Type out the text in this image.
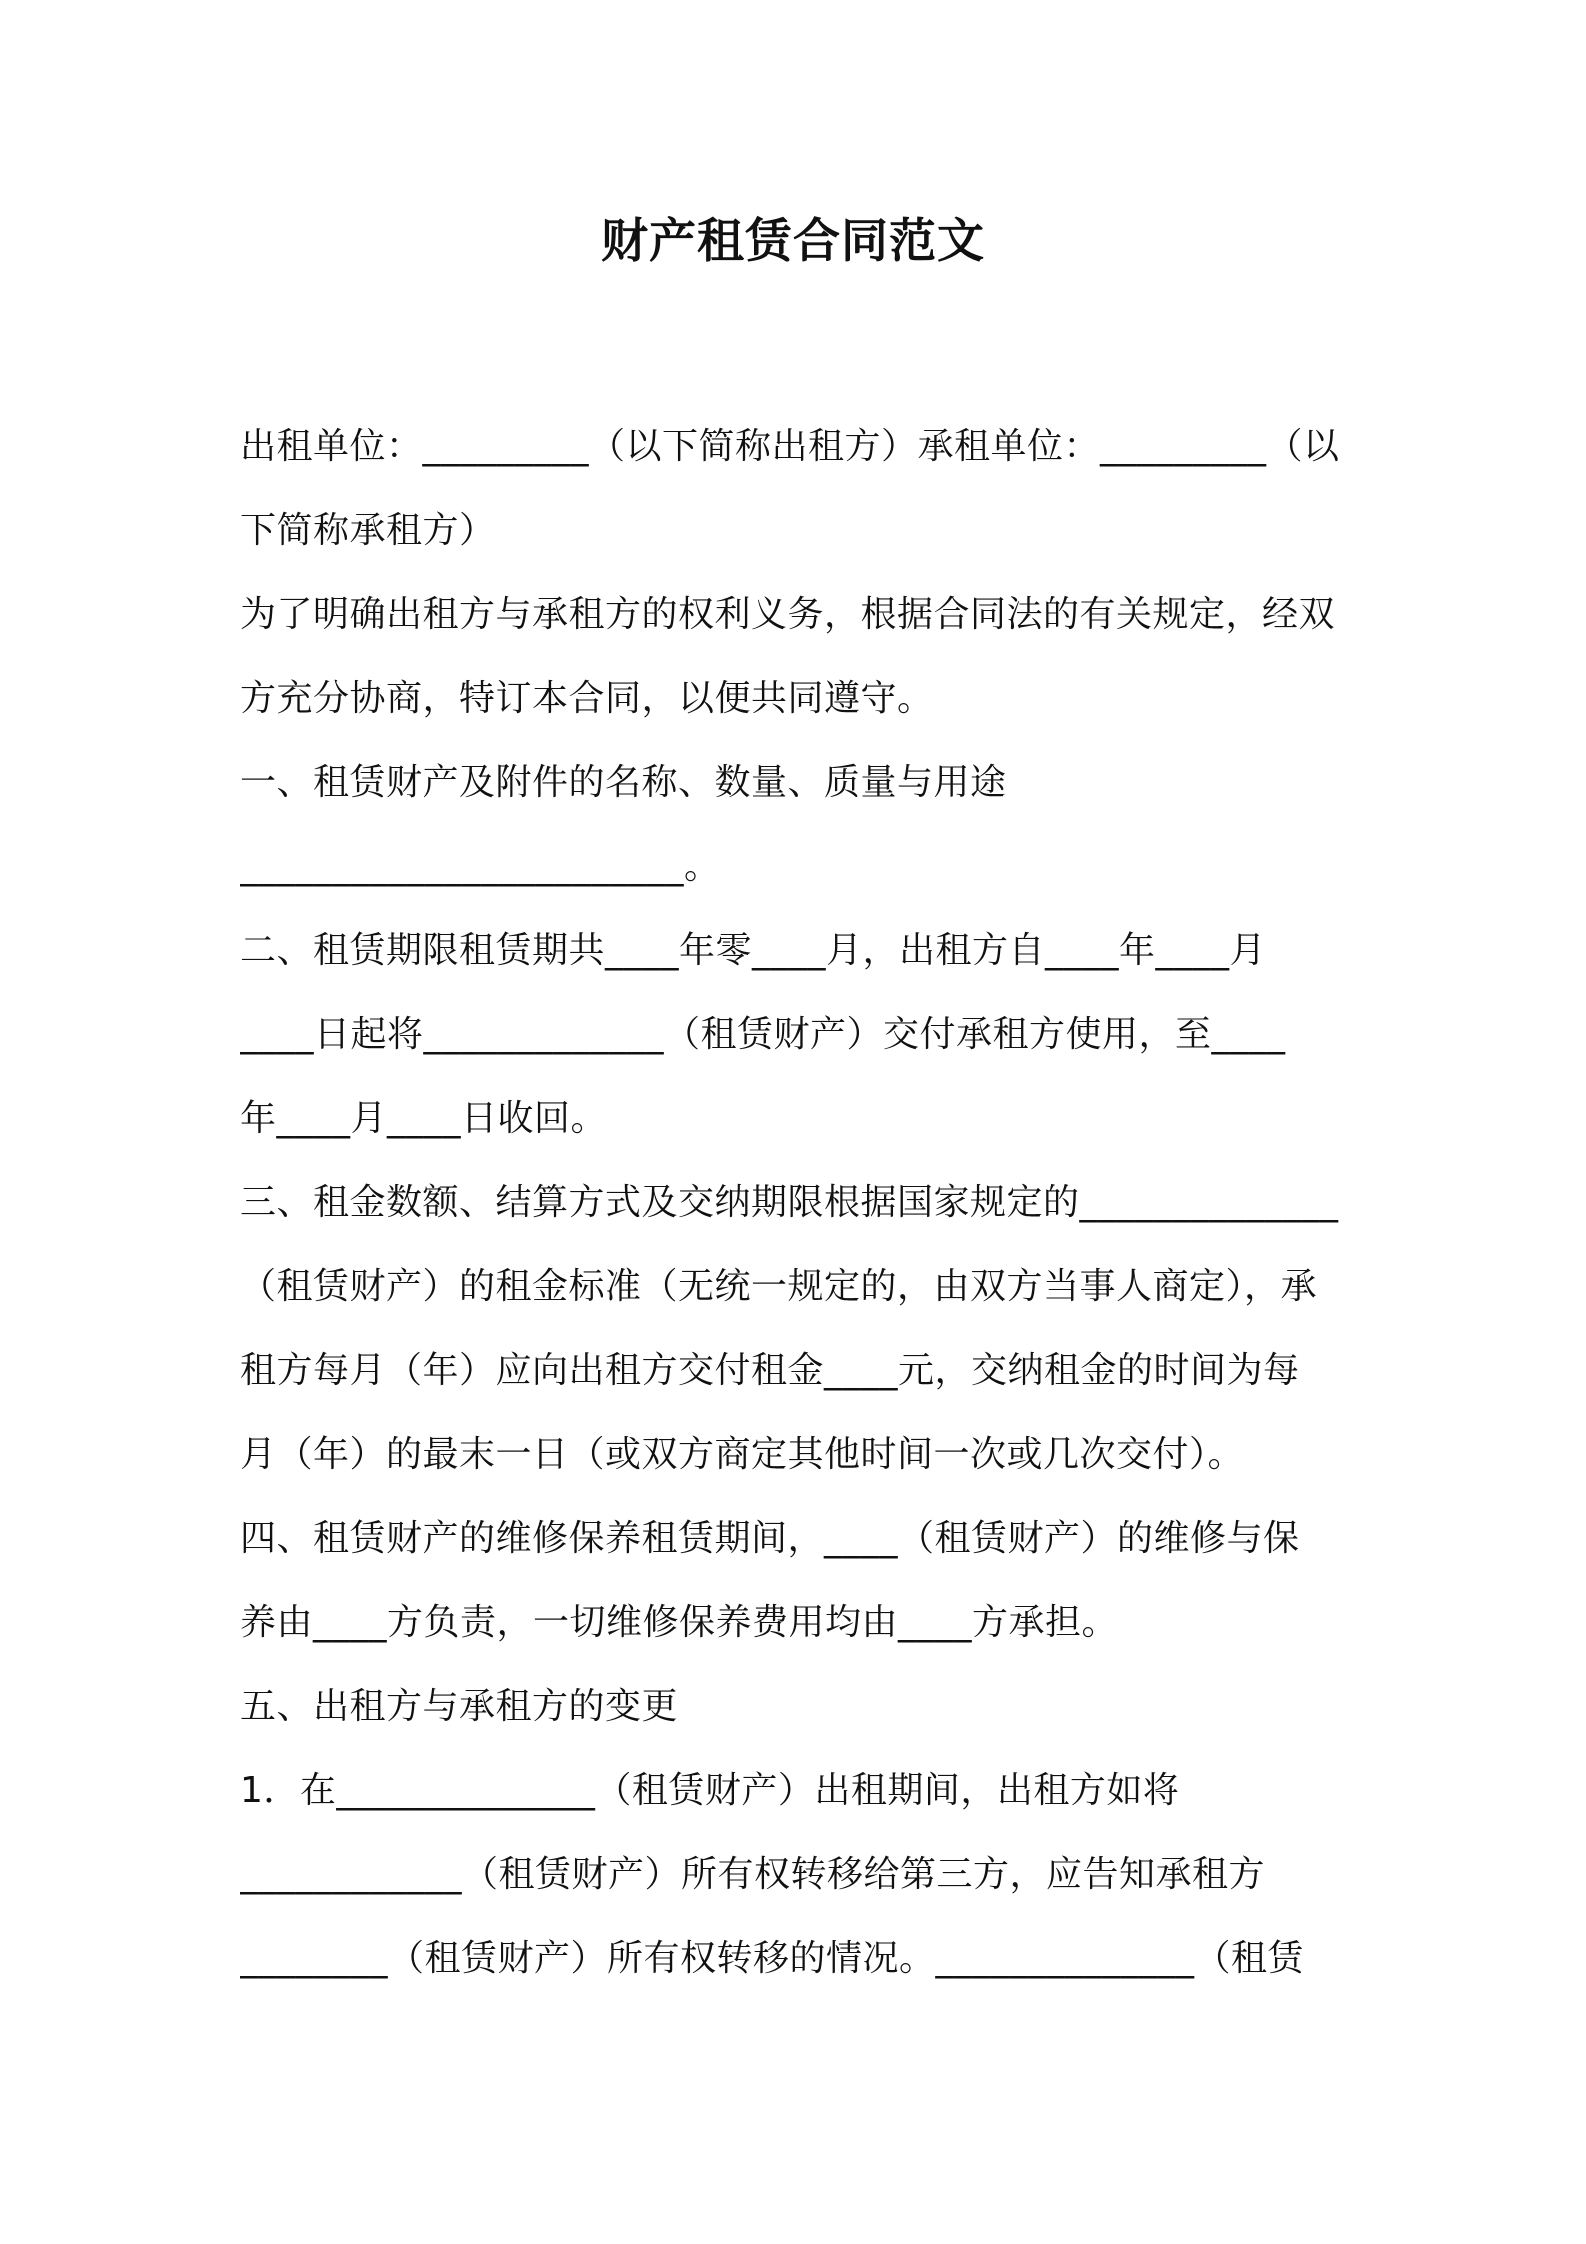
财产租赁合同范文
出租单位：_________（以下简称出租方）承租单位：_________（以
下简称承租方）
为了明确出租方与承租方的权利义务，根据合同法的有关规定，经双
方充分协商，特订本合同，以便共同遵守。
一、租赁财产及附件的名称、数量、质量与用途
________________________。
二、租赁期限租赁期共____年零____月，出租方自____年____月
____日起将_____________（租赁财产）交付承租方使用，至____
年____月____日收回。
三、租金数额、结算方式及交纳期限根据国家规定的______________
（租赁财产）的租金标准（无统一规定的，由双方当事人商定），承
租方每月（年）应向出租方交付租金____元，交纳租金的时间为每
月（年）的最末一日（或双方商定其他时间一次或几次交付）。
四、租赁财产的维修保养租赁期间，____（租赁财产）的维修与保
养由____方负责，一切维修保养费用均由____方承担。
五、出租方与承租方的变更
1．在______________（租赁财产）出租期间，出租方如将
____________（租赁财产）所有权转移给第三方，应告知承租方
________（租赁财产）所有权转移的情况。______________（租赁
